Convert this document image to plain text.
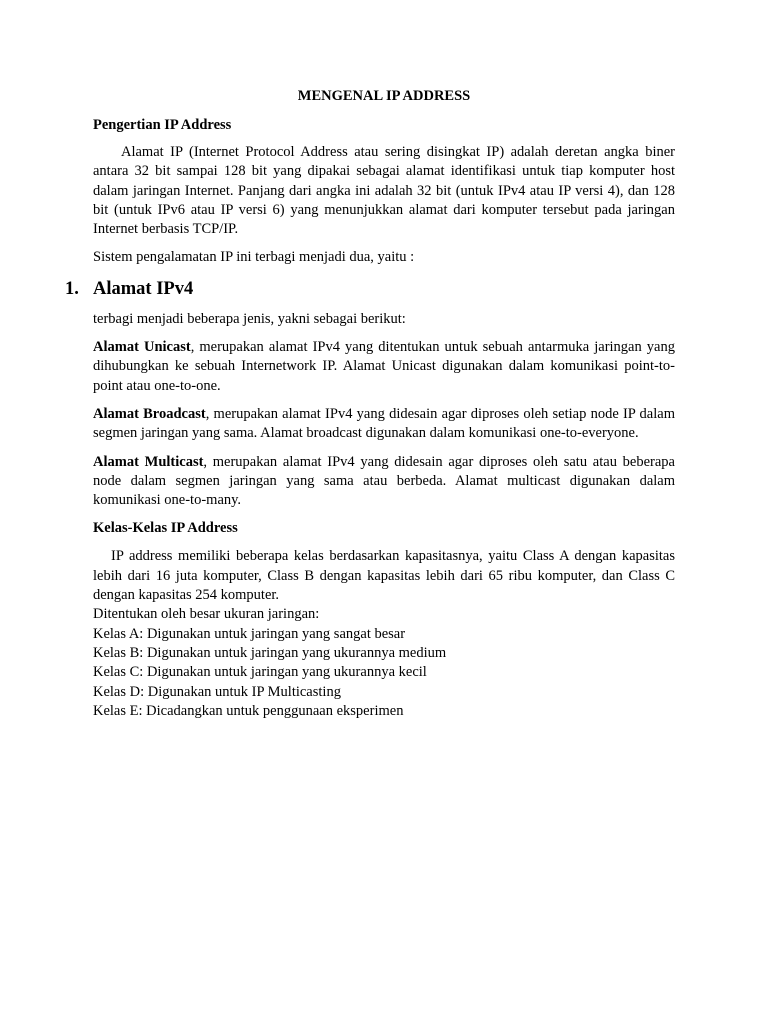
MENGENAL IP ADDRESS
Pengertian IP Address

Alamat IP (Internet Protocol Address atau sering disingkat IP) adalah deretan angka biner antara 32 bit sampai 128 bit yang dipakai sebagai alamat identifikasi untuk tiap komputer host dalam jaringan Internet. Panjang dari angka ini adalah 32 bit (untuk IPv4 atau IP versi 4), dan 128 bit (untuk IPv6 atau IP versi 6) yang menunjukkan alamat dari komputer tersebut pada jaringan Internet berbasis TCP/IP.

Sistem pengalamatan IP ini terbagi menjadi dua, yaitu :

1. Alamat IPv4

terbagi menjadi beberapa jenis, yakni sebagai berikut:

Alamat Unicast, merupakan alamat IPv4 yang ditentukan untuk sebuah antarmuka jaringan yang dihubungkan ke sebuah Internetwork IP. Alamat Unicast digunakan dalam komunikasi point-to-point atau one-to-one.

Alamat Broadcast, merupakan alamat IPv4 yang didesain agar diproses oleh setiap node IP dalam segmen jaringan yang sama. Alamat broadcast digunakan dalam komunikasi one-to-everyone.

Alamat Multicast, merupakan alamat IPv4 yang didesain agar diproses oleh satu atau beberapa node dalam segmen jaringan yang sama atau berbeda. Alamat multicast digunakan dalam komunikasi one-to-many.

Kelas-Kelas IP Address

IP address memiliki beberapa kelas berdasarkan kapasitasnya, yaitu Class A dengan kapasitas lebih dari 16 juta komputer, Class B dengan kapasitas lebih dari 65 ribu komputer, dan Class C dengan kapasitas 254 komputer.

Ditentukan oleh besar ukuran jaringan:
Kelas A: Digunakan untuk jaringan yang sangat besar
Kelas B: Digunakan untuk jaringan yang ukurannya medium
Kelas C: Digunakan untuk jaringan yang ukurannya kecil
Kelas D: Digunakan untuk IP Multicasting
Kelas E: Dicadangkan untuk penggunaan eksperimen
